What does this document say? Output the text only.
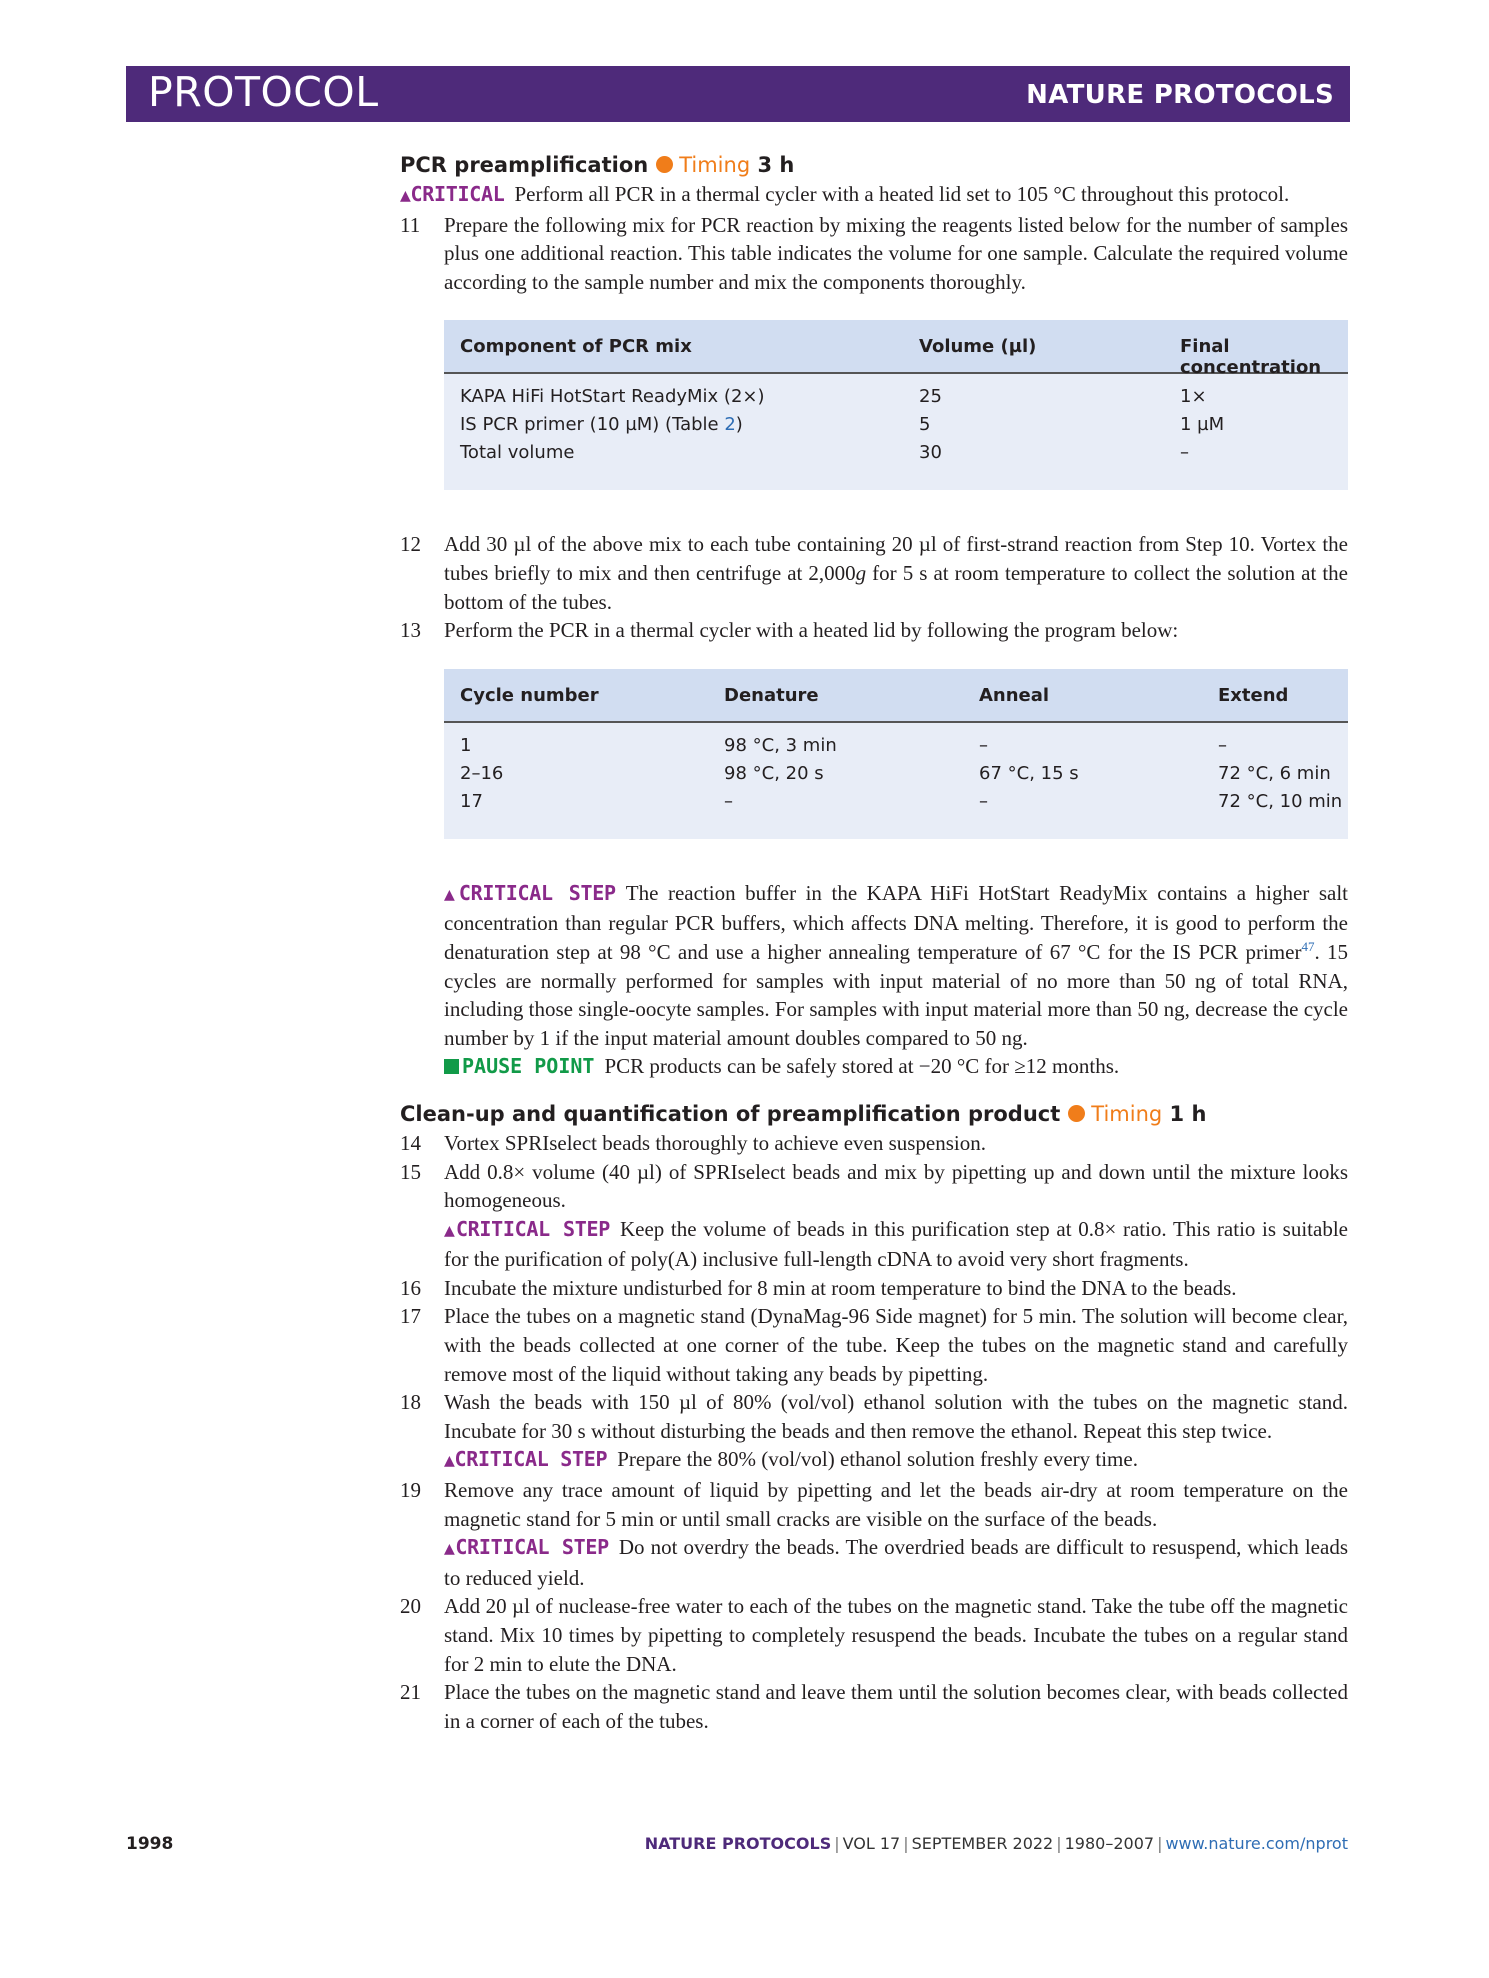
PROTOCOL	NATURE PROTOCOLS
PCR preamplification Timing 3 h

▲CRITICAL Perform all PCR in a thermal cycler with a heated lid set to 105 °C throughout this protocol.

11 Prepare the following mix for PCR reaction by mixing the reagents listed below for the number of samples plus one additional reaction. This table indicates the volume for one sample. Calculate the required volume according to the sample number and mix the components thoroughly.

Component of PCR mix	Volume (µl)	Final concentration
KAPA HiFi HotStart ReadyMix (2×)	25	1×
IS PCR primer (10 µM) (Table 2)	5	1 µM
Total volume	30	–
12 Add 30 µl of the above mix to each tube containing 20 µl of first-strand reaction from Step 10. Vortex the tubes briefly to mix and then centrifuge at 2,000g for 5 s at room temperature to collect the solution at the bottom of the tubes.

13 Perform the PCR in a thermal cycler with a heated lid by following the program below:

Cycle number	Denature	Anneal	Extend
1	98 °C, 3 min	–	–
2–16	98 °C, 20 s	67 °C, 15 s	72 °C, 6 min
17	–	–	72 °C, 10 min

▲CRITICAL STEP The reaction buffer in the KAPA HiFi HotStart ReadyMix contains a higher salt concentration than regular PCR buffers, which affects DNA melting. Therefore, it is good to perform the denaturation step at 98 °C and use a higher annealing temperature of 67 °C for the IS PCR primer$^{47}$. 15 cycles are normally performed for samples with input material of no more than 50 ng of total RNA, including those single-oocyte samples. For samples with input material more than 50 ng, decrease the cycle number by 1 if the input material amount doubles compared to 50 ng.

PAUSE POINT PCR products can be safely stored at −20 °C for ≥12 months.

Clean-up and quantification of preamplification product Timing 1 h
14 Vortex SPRIselect beads thoroughly to achieve even suspension.

15 Add 0.8× volume (40 µl) of SPRIselect beads and mix by pipetting up and down until the mixture looks homogeneous.

▲CRITICAL STEP Keep the volume of beads in this purification step at 0.8× ratio. This ratio is suitable for the purification of poly(A) inclusive full-length cDNA to avoid very short fragments.

16 Incubate the mixture undisturbed for 8 min at room temperature to bind the DNA to the beads.

17 Place the tubes on a magnetic stand (DynaMag-96 Side magnet) for 5 min. The solution will become clear, with the beads collected at one corner of the tube. Keep the tubes on the magnetic stand and carefully remove most of the liquid without taking any beads by pipetting.

18 Wash the beads with 150 µl of 80% (vol/vol) ethanol solution with the tubes on the magnetic stand. Incubate for 30 s without disturbing the beads and then remove the ethanol. Repeat this step twice.

▲CRITICAL STEP Prepare the 80% (vol/vol) ethanol solution freshly every time.

19 Remove any trace amount of liquid by pipetting and let the beads air-dry at room temperature on the magnetic stand for 5 min or until small cracks are visible on the surface of the beads.

▲CRITICAL STEP Do not overdry the beads. The overdried beads are difficult to resuspend, which leads to reduced yield.

20 Add 20 µl of nuclease-free water to each of the tubes on the magnetic stand. Take the tube off the magnetic stand. Mix 10 times by pipetting to completely resuspend the beads. Incubate the tubes on a regular stand for 2 min to elute the DNA.

21 Place the tubes on the magnetic stand and leave them until the solution becomes clear, with beads collected in a corner of each of the tubes.

1998	NATURE PROTOCOLS | VOL 17 | SEPTEMBER 2022 | 1980–2007 | www.nature.com/nprot
